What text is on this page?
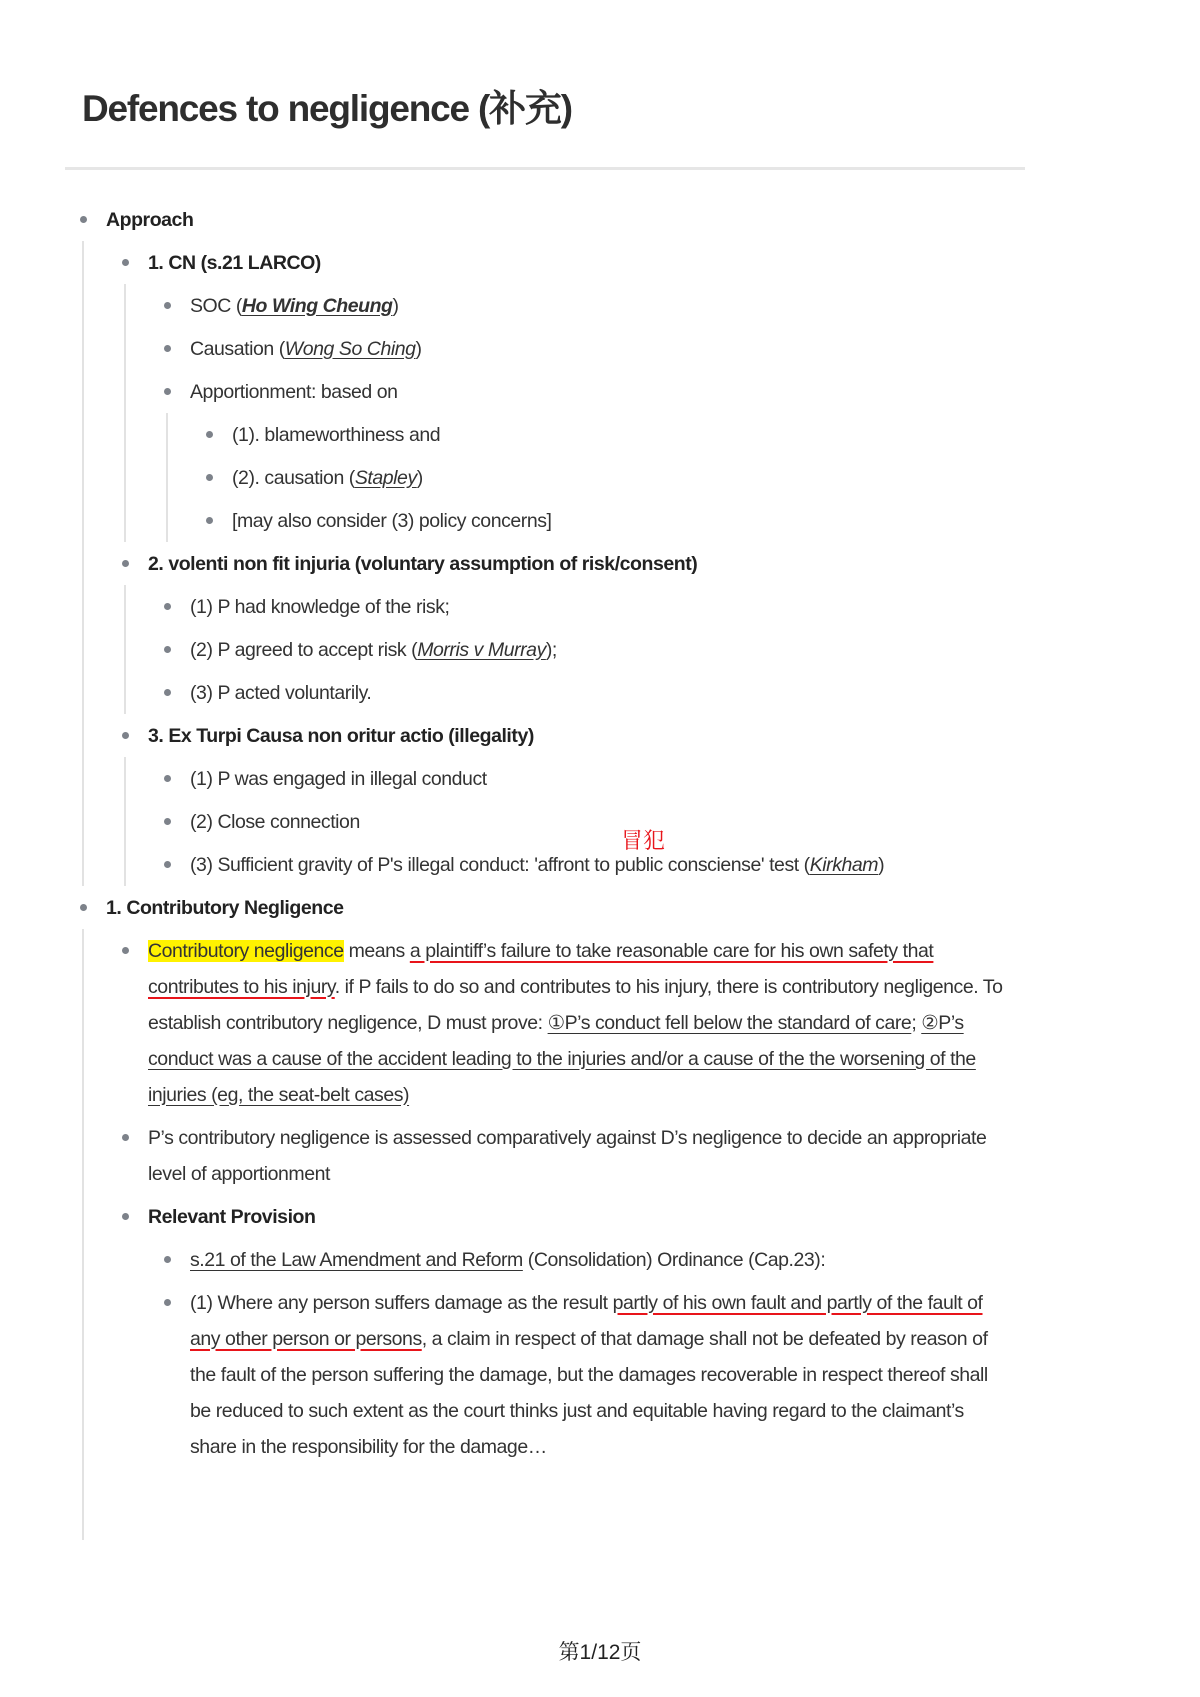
Defences to negligence (补充)
Approach
1. CN (s.21 LARCO)
SOC (Ho Wing Cheung)
Causation (Wong So Ching)
Apportionment: based on
(1). blameworthiness and
(2). causation (Stapley)
[may also consider (3) policy concerns]
2. volenti non fit injuria (voluntary assumption of risk/consent)
(1) P had knowledge of the risk;
(2) P agreed to accept risk (Morris v Murray);
(3) P acted voluntarily.
3. Ex Turpi Causa non oritur actio (illegality)
(1) P was engaged in illegal conduct
(2) Close connection
(3) Sufficient gravity of P's illegal conduct: 'affront to public consciense' test (Kirkham)
1. Contributory Negligence
Contributory negligence means a plaintiff’s failure to take reasonable care for his own safety that contributes to his injury. if P fails to do so and contributes to his injury, there is contributory negligence. To establish contributory negligence, D must prove: ①P’s conduct fell below the standard of care; ②P’s conduct was a cause of the accident leading to the injuries and/or a cause of the the worsening of the injuries (eg, the seat-belt cases)
P’s contributory negligence is assessed comparatively against D’s negligence to decide an appropriate level of apportionment
Relevant Provision
s.21 of the Law Amendment and Reform (Consolidation) Ordinance (Cap.23):
(1) Where any person suffers damage as the result partly of his own fault and partly of the fault of any other person or persons, a claim in respect of that damage shall not be defeated by reason of the fault of the person suffering the damage, but the damages recoverable in respect thereof shall be reduced to such extent as the court thinks just and equitable having regard to the claimant’s share in the responsibility for the damage…
冒犯
第1/12页
